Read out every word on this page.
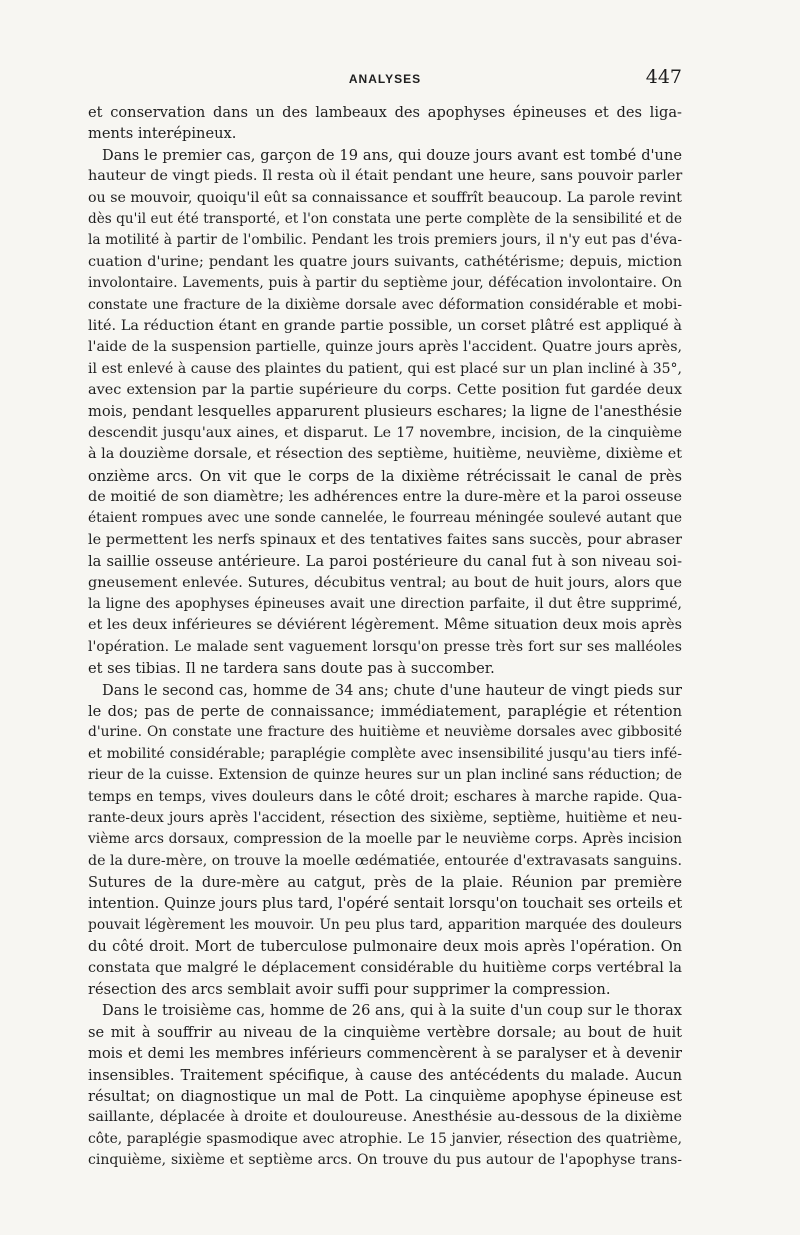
ANALYSES	447
et conservation dans un des lambeaux des apophyses épineuses et des liga-
ments interépineux.
Dans le premier cas, garçon de 19 ans, qui douze jours avant est tombé d'une
hauteur de vingt pieds. Il resta où il était pendant une heure, sans pouvoir parler
ou se mouvoir, quoiqu'il eût sa connaissance et souffrît beaucoup. La parole revint
dès qu'il eut été transporté, et l'on constata une perte complète de la sensibilité et de
la motilité à partir de l'ombilic. Pendant les trois premiers jours, il n'y eut pas d'éva-
cuation d'urine; pendant les quatre jours suivants, cathétérisme; depuis, miction
involontaire. Lavements, puis à partir du septième jour, défécation involontaire. On
constate une fracture de la dixième dorsale avec déformation considérable et mobi-
lité. La réduction étant en grande partie possible, un corset plâtré est appliqué à
l'aide de la suspension partielle, quinze jours après l'accident. Quatre jours après,
il est enlevé à cause des plaintes du patient, qui est placé sur un plan incliné à 35°,
avec extension par la partie supérieure du corps. Cette position fut gardée deux
mois, pendant lesquelles apparurent plusieurs eschares; la ligne de l'anesthésie
descendit jusqu'aux aines, et disparut. Le 17 novembre, incision, de la cinquième
à la douzième dorsale, et résection des septième, huitième, neuvième, dixième et
onzième arcs. On vit que le corps de la dixième rétrécissait le canal de près
de moitié de son diamètre; les adhérences entre la dure-mère et la paroi osseuse
étaient rompues avec une sonde cannelée, le fourreau méningée soulevé autant que
le permettent les nerfs spinaux et des tentatives faites sans succès, pour abraser
la saillie osseuse antérieure. La paroi postérieure du canal fut à son niveau soi-
gneusement enlevée. Sutures, décubitus ventral; au bout de huit jours, alors que
la ligne des apophyses épineuses avait une direction parfaite, il dut être supprimé,
et les deux inférieures se déviérent légèrement. Même situation deux mois après
l'opération. Le malade sent vaguement lorsqu'on presse très fort sur ses malléoles
et ses tibias. Il ne tardera sans doute pas à succomber.
Dans le second cas, homme de 34 ans; chute d'une hauteur de vingt pieds sur
le dos; pas de perte de connaissance; immédiatement, paraplégie et rétention
d'urine. On constate une fracture des huitième et neuvième dorsales avec gibbosité
et mobilité considérable; paraplégie complète avec insensibilité jusqu'au tiers infé-
rieur de la cuisse. Extension de quinze heures sur un plan incliné sans réduction; de
temps en temps, vives douleurs dans le côté droit; eschares à marche rapide. Qua-
rante-deux jours après l'accident, résection des sixième, septième, huitième et neu-
vième arcs dorsaux, compression de la moelle par le neuvième corps. Après incision
de la dure-mère, on trouve la moelle œdématiée, entourée d'extravasats sanguins.
Sutures de la dure-mère au catgut, près de la plaie. Réunion par première
intention. Quinze jours plus tard, l'opéré sentait lorsqu'on touchait ses orteils et
pouvait légèrement les mouvoir. Un peu plus tard, apparition marquée des douleurs
du côté droit. Mort de tuberculose pulmonaire deux mois après l'opération. On
constata que malgré le déplacement considérable du huitième corps vertébral la
résection des arcs semblait avoir suffi pour supprimer la compression.
Dans le troisième cas, homme de 26 ans, qui à la suite d'un coup sur le thorax
se mit à souffrir au niveau de la cinquième vertèbre dorsale; au bout de huit
mois et demi les membres inférieurs commencèrent à se paralyser et à devenir
insensibles. Traitement spécifique, à cause des antécédents du malade. Aucun
résultat; on diagnostique un mal de Pott. La cinquième apophyse épineuse est
saillante, déplacée à droite et douloureuse. Anesthésie au-dessous de la dixième
côte, paraplégie spasmodique avec atrophie. Le 15 janvier, résection des quatrième,
cinquième, sixième et septième arcs. On trouve du pus autour de l'apophyse trans-
